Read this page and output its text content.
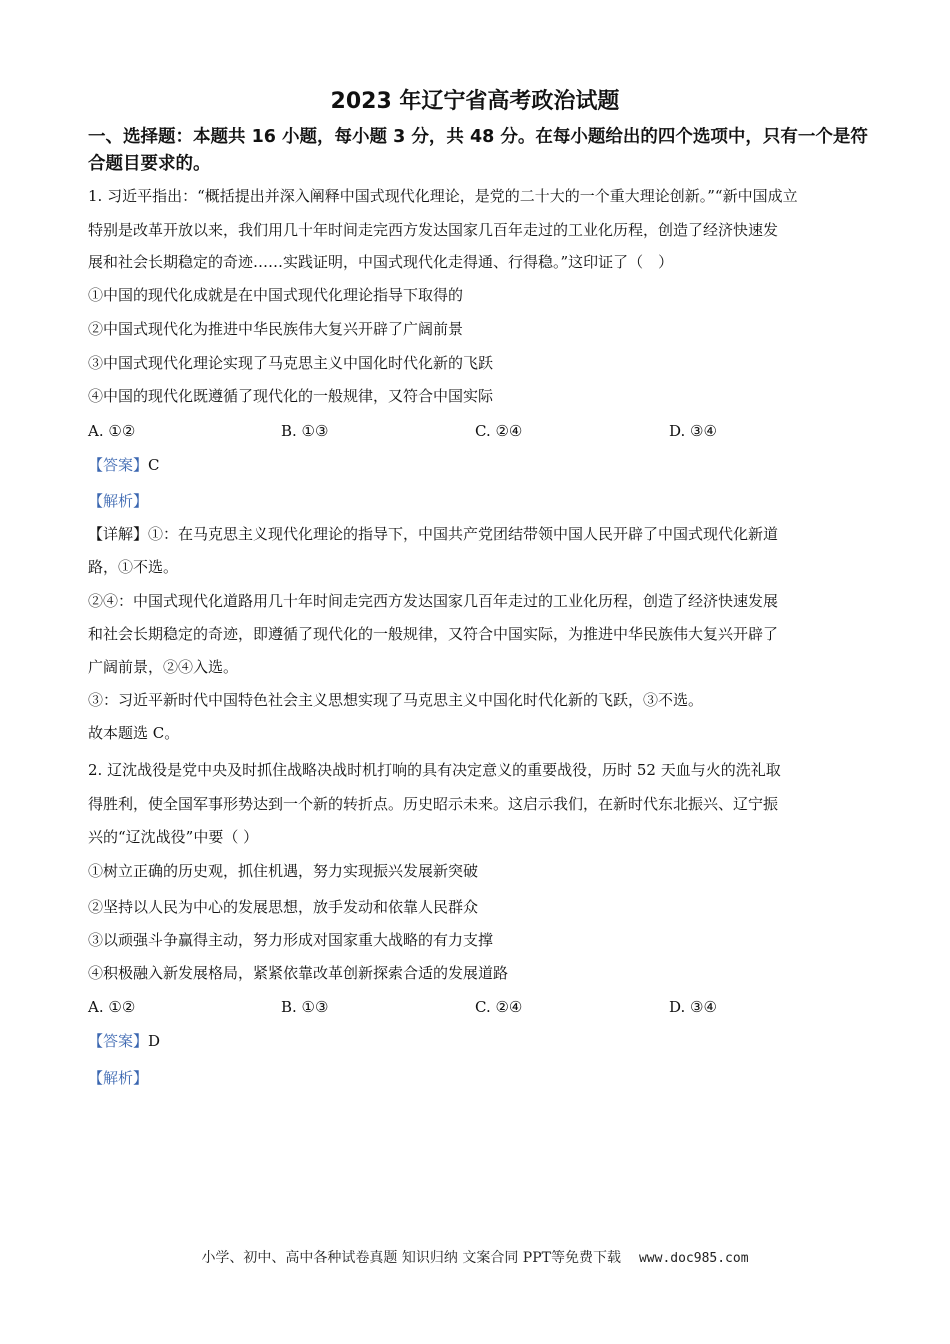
2023 年辽宁省高考政治试题
一、选择题：本题共 16 小题，每小题 3 分，共 48 分。在每小题给出的四个选项中，只有一个是符合题目要求的。
1. 习近平指出：“概括提出并深入阐释中国式现代化理论，是党的二十大的一个重大理论创新。”“新中国成立
特别是改革开放以来，我们用几十年时间走完西方发达国家几百年走过的工业化历程，创造了经济快速发
展和社会长期稳定的奇迹……实践证明，中国式现代化走得通、行得稳。”这印证了（　）
①中国的现代化成就是在中国式现代化理论指导下取得的
②中国式现代化为推进中华民族伟大复兴开辟了广阔前景
③中国式现代化理论实现了马克思主义中国化时代化新的飞跃
④中国的现代化既遵循了现代化的一般规律，又符合中国实际
A. ①②	B. ①③	C. ②④	D. ③④
【答案】C
【解析】
【详解】①：在马克思主义现代化理论的指导下，中国共产党团结带领中国人民开辟了中国式现代化新道
路，①不选。
②④：中国式现代化道路用几十年时间走完西方发达国家几百年走过的工业化历程，创造了经济快速发展
和社会长期稳定的奇迹，即遵循了现代化的一般规律，又符合中国实际，为推进中华民族伟大复兴开辟了
广阔前景，②④入选。
③：习近平新时代中国特色社会主义思想实现了马克思主义中国化时代化新的飞跃，③不选。
故本题选 C。
2. 辽沈战役是党中央及时抓住战略决战时机打响的具有决定意义的重要战役，历时 52 天血与火的洗礼取
得胜利，使全国军事形势达到一个新的转折点。历史昭示未来。这启示我们，在新时代东北振兴、辽宁振
兴的“辽沈战役”中要（ ）
①树立正确的历史观，抓住机遇，努力实现振兴发展新突破
②坚持以人民为中心的发展思想，放手发动和依靠人民群众
③以顽强斗争赢得主动，努力形成对国家重大战略的有力支撑
④积极融入新发展格局，紧紧依靠改革创新探索合适的发展道路
A. ①②	B. ①③	C. ②④	D. ③④
【答案】D
【解析】
小学、初中、高中各种试卷真题 知识归纳 文案合同 PPT等免费下载 www.doc985.com
